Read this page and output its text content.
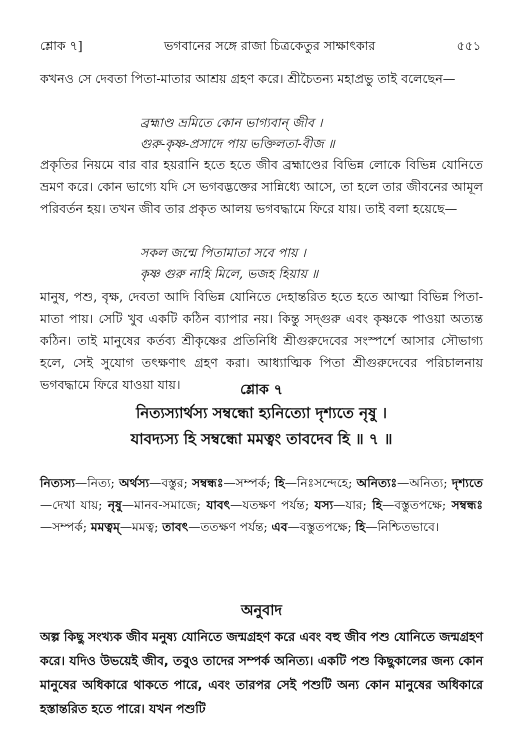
শ্লোক ৭]	ভগবানের সঙ্গে রাজা চিত্রকেতুর সাক্ষাৎকার	৫৫১

কখনও সে দেবতা পিতা-মাতার আশ্রয় গ্রহণ করে। শ্রীচৈতন্য মহাপ্রভু তাই বলেছেন—

ব্রহ্মাণ্ড ভ্রমিতে কোন ভাগ্যবান্ জীব ।
গুরু-কৃষ্ণ-প্রসাদে পায় ভক্তিলতা-বীজ ॥

প্রকৃতির নিয়মে বার বার হয়রানি হতে হতে জীব ব্রহ্মাণ্ডের বিভিন্ন লোকে বিভিন্ন যোনিতে ভ্রমণ করে। কোন ভাগ্যে যদি সে ভগবদ্ভক্তের সান্নিধ্যে আসে, তা হলে তার জীবনের আমূল পরিবর্তন হয়। তখন জীব তার প্রকৃত আলয় ভগবদ্ধামে ফিরে যায়। তাই বলা হয়েছে—

সকল জন্মে পিতামাতা সবে পায় ।
কৃষ্ণ গুরু নাহি মিলে, ভজহ হিয়ায় ॥

মানুষ, পশু, বৃক্ষ, দেবতা আদি বিভিন্ন যোনিতে দেহান্তরিত হতে হতে আত্মা বিভিন্ন পিতা-মাতা পায়। সেটি খুব একটি কঠিন ব্যাপার নয়। কিন্তু সদ্গুরু এবং কৃষ্ণকে পাওয়া অত্যন্ত কঠিন। তাই মানুষের কর্তব্য শ্রীকৃষ্ণের প্রতিনিধি শ্রীগুরুদেবের সংস্পর্শে আসার সৌভাগ্য হলে, সেই সুযোগ তৎক্ষণাৎ গ্রহণ করা। আধ্যাত্মিক পিতা শ্রীগুরুদেবের পরিচালনায় ভগবদ্ধামে ফিরে যাওয়া যায়।	শ্লোক ৭
নিত্যস্যার্থস্য সম্বন্ধো হ্যনিত্যো দৃশ্যতে নৃষু ।
যাবদ্যস্য হি সম্বন্ধো মমত্বং তাবদেব হি ॥ ৭ ॥

নিত্যস্য—নিত্য; অর্থস্য—বস্তুর; সম্বন্ধঃ—সম্পর্ক; হি—নিঃসন্দেহে; অনিত্যঃ—অনিত্য; দৃশ্যতে—দেখা যায়; নৃষু—মানব-সমাজে; যাবৎ—যতক্ষণ পর্যন্ত; যস্য—যার; হি—বস্তুতপক্ষে; সম্বন্ধঃ—সম্পর্ক; মমত্বম্—মমত্ব; তাবৎ—ততক্ষণ পর্যন্ত; এব—বস্তুতপক্ষে; হি—নিশ্চিতভাবে।

অনুবাদ

অল্প কিছু সংখ্যক জীব মনুষ্য যোনিতে জন্মগ্রহণ করে এবং বহু জীব পশু যোনিতে জন্মগ্রহণ করে। যদিও উভয়েই জীব, তবুও তাদের সম্পর্ক অনিত্য। একটি পশু কিছুকালের জন্য কোন মানুষের অধিকারে থাকতে পারে, এবং তারপর সেই পশুটি অন্য কোন মানুষের অধিকারে হস্তান্তরিত হতে পারে। যখন পশুটি
